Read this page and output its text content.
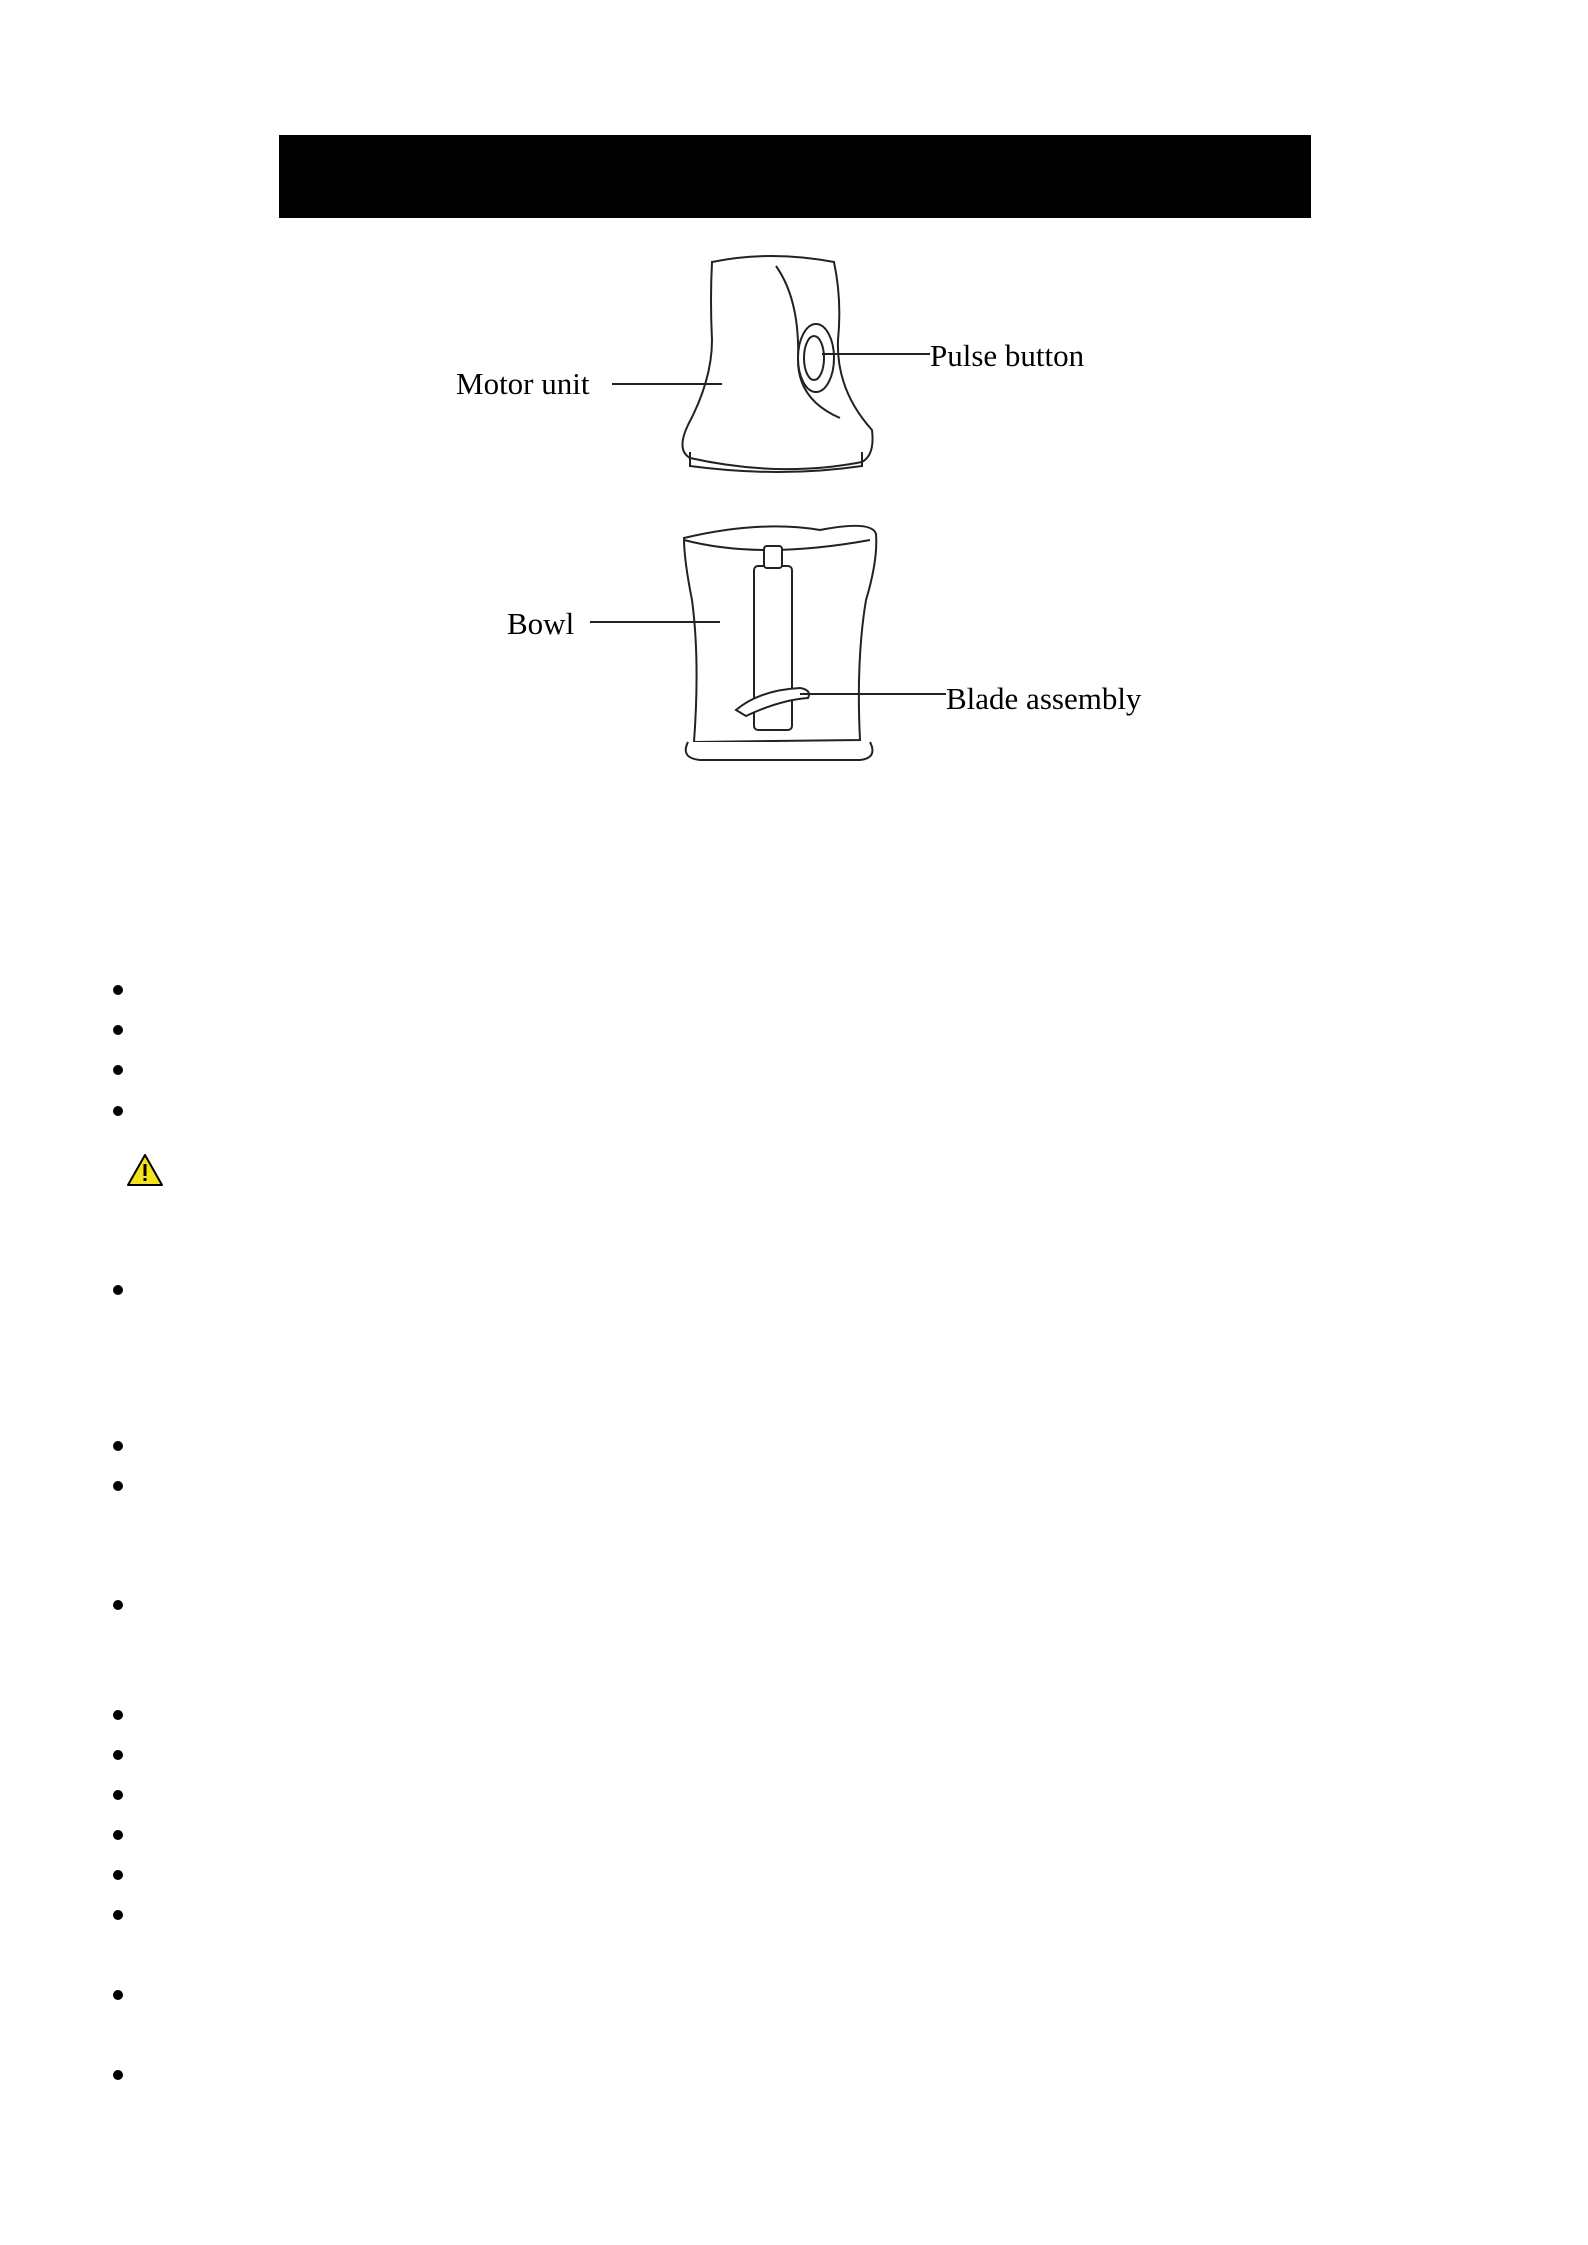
Motor unit
Pulse button
Bowl
Blade assembly
